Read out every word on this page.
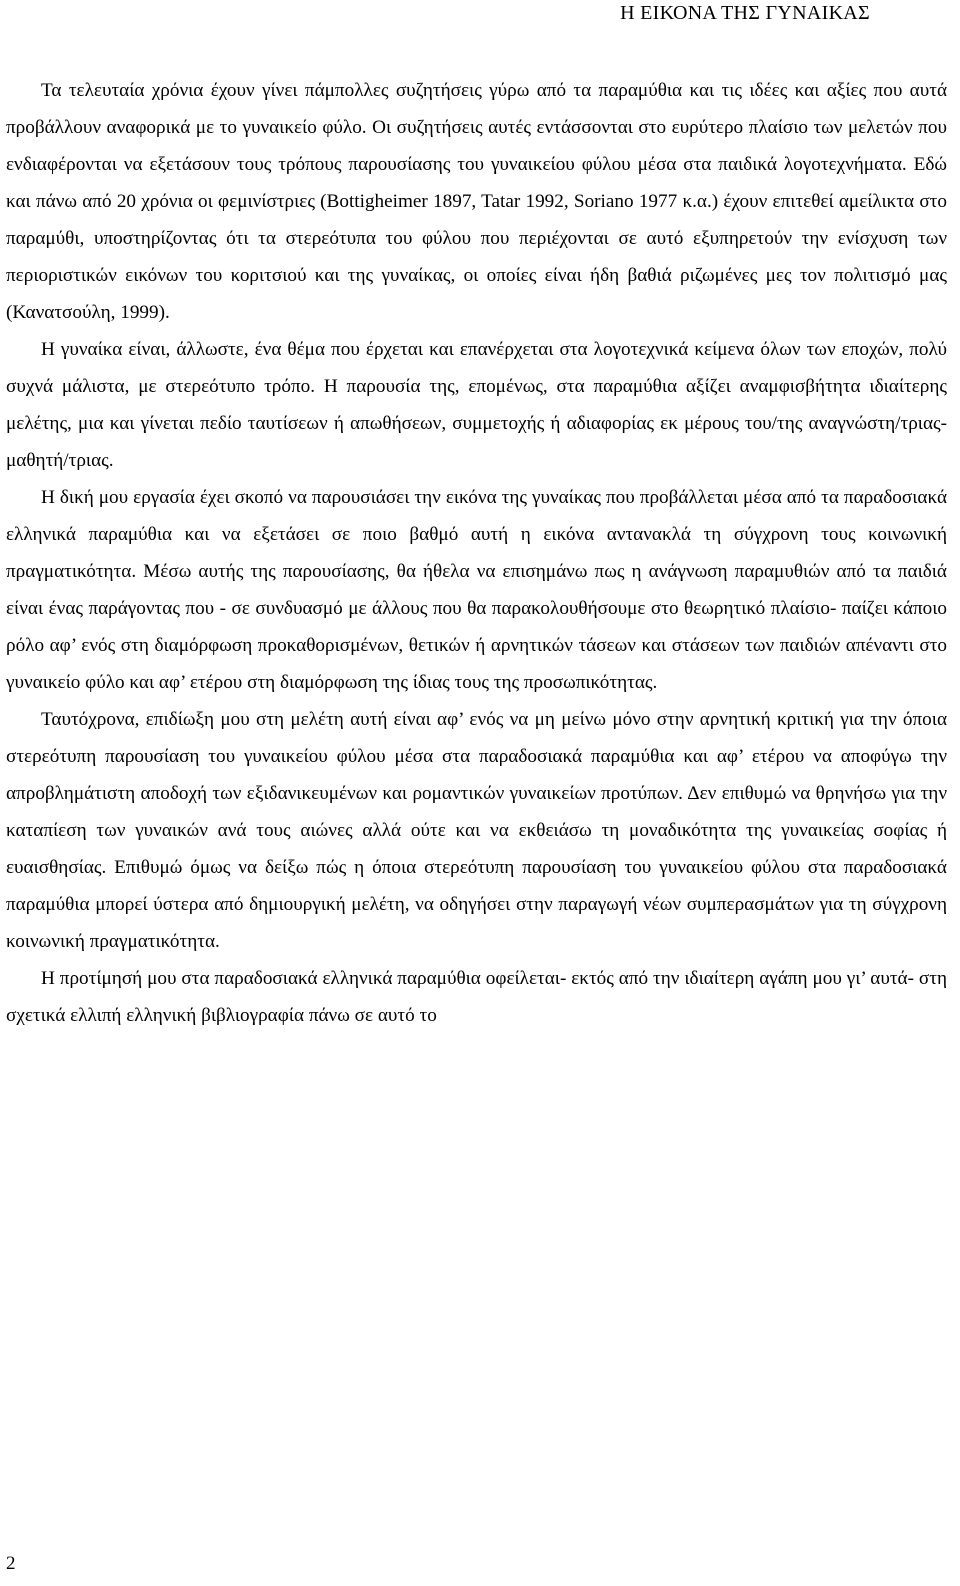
Η ΕΙΚΟΝΑ ΤΗΣ ΓΥΝΑΙΚΑΣ

Τα τελευταία χρόνια έχουν γίνει πάμπολλες συζητήσεις γύρω από τα παραμύθια και τις ιδέες και αξίες που αυτά προβάλλουν αναφορικά με το γυναικείο φύλο. Οι συζητήσεις αυτές εντάσσονται στο ευρύτερο πλαίσιο των μελετών που ενδιαφέρονται να εξετάσουν τους τρόπους παρουσίασης του γυναικείου φύλου μέσα στα παιδικά λογοτεχνήματα. Εδώ και πάνω από 20 χρόνια οι φεμινίστριες (Bottigheimer 1897, Tatar 1992, Soriano 1977 κ.α.) έχουν επιτεθεί αμείλικτα στο παραμύθι, υποστηρίζοντας ότι τα στερεότυπα του φύλου που περιέχονται σε αυτό εξυπηρετούν την ενίσχυση των περιοριστικών εικόνων του κοριτσιού και της γυναίκας, οι οποίες είναι ήδη βαθιά ριζωμένες μες τον πολιτισμό μας (Κανατσούλη, 1999).

Η γυναίκα είναι, άλλωστε, ένα θέμα που έρχεται και επανέρχεται στα λογοτεχνικά κείμενα όλων των εποχών, πολύ συχνά μάλιστα, με στερεότυπο τρόπο. Η παρουσία της, επομένως, στα παραμύθια αξίζει αναμφισβήτητα ιδιαίτερης μελέτης, μια και γίνεται πεδίο ταυτίσεων ή απωθήσεων, συμμετοχής ή αδιαφορίας εκ μέρους του/της αναγνώστη/τριας-μαθητή/τριας.

Η δική μου εργασία έχει σκοπό να παρουσιάσει την εικόνα της γυναίκας που προβάλλεται μέσα από τα παραδοσιακά ελληνικά παραμύθια και να εξετάσει σε ποιο βαθμό αυτή η εικόνα αντανακλά τη σύγχρονη τους κοινωνική πραγματικότητα. Μέσω αυτής της παρουσίασης, θα ήθελα να επισημάνω πως η ανάγνωση παραμυθιών από τα παιδιά είναι ένας παράγοντας που - σε συνδυασμό με άλλους που θα παρακολουθήσουμε στο θεωρητικό πλαίσιο- παίζει κάποιο ρόλο αφ’ ενός στη διαμόρφωση προκαθορισμένων, θετικών ή αρνητικών τάσεων και στάσεων των παιδιών απέναντι στο γυναικείο φύλο και αφ’ ετέρου στη διαμόρφωση της ίδιας τους της προσωπικότητας.

Ταυτόχρονα, επιδίωξη μου στη μελέτη αυτή είναι αφ’ ενός να μη μείνω μόνο στην αρνητική κριτική για την όποια στερεότυπη παρουσίαση του γυναικείου φύλου μέσα στα παραδοσιακά παραμύθια και αφ’ ετέρου να αποφύγω την απροβλημάτιστη αποδοχή των εξιδανικευμένων και ρομαντικών γυναικείων προτύπων. Δεν επιθυμώ να θρηνήσω για την καταπίεση των γυναικών ανά τους αιώνες αλλά ούτε και να εκθειάσω τη μοναδικότητα της γυναικείας σοφίας ή ευαισθησίας. Επιθυμώ όμως να δείξω πώς η όποια στερεότυπη παρουσίαση του γυναικείου φύλου στα παραδοσιακά παραμύθια μπορεί ύστερα από δημιουργική μελέτη, να οδηγήσει στην παραγωγή νέων συμπερασμάτων για τη σύγχρονη κοινωνική πραγματικότητα.

Η προτίμησή μου στα παραδοσιακά ελληνικά παραμύθια οφείλεται- εκτός από την ιδιαίτερη αγάπη μου γι’ αυτά- στη σχετικά ελλιπή ελληνική βιβλιογραφία πάνω σε αυτό το

2
